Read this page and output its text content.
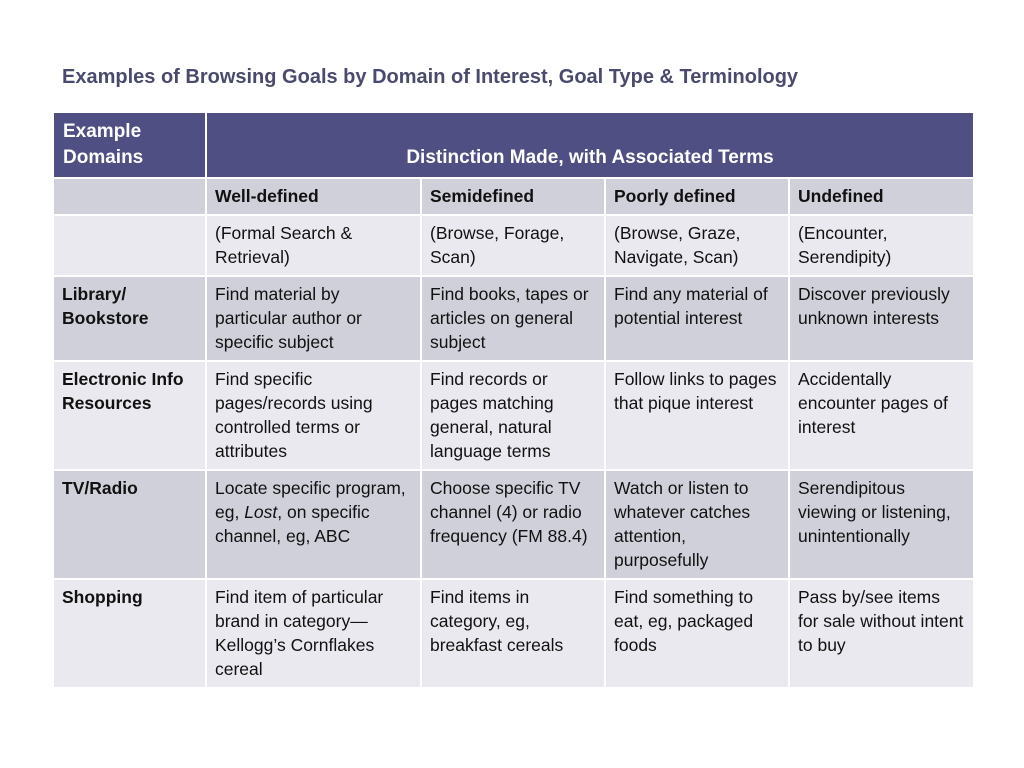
Examples of Browsing Goals by Domain of Interest, Goal Type & Terminology
Example Domains	Distinction Made, with Associated Terms			
	Well-defined	Semidefined	Poorly defined	Undefined
	(Formal Search & Retrieval)	(Browse, Forage, Scan)	(Browse, Graze, Navigate, Scan)	(Encounter, Serendipity)
Library/ Bookstore	Find material by particular author or specific subject	Find books, tapes or articles on general subject	Find any material of potential interest	Discover previously unknown interests
Electronic Info Resources	Find specific pages/records using controlled terms or attributes	Find records or pages matching general, natural language terms	Follow links to pages that pique interest	Accidentally encounter pages of interest
TV/Radio	Locate specific program, eg, Lost, on specific channel, eg, ABC	Choose specific TV channel (4) or radio frequency (FM 88.4)	Watch or listen to whatever catches attention, purposefully	Serendipitous viewing or listening, unintentionally
Shopping	Find item of particular brand in category—Kellogg’s Cornflakes cereal	Find items in category, eg, breakfast cereals	Find something to eat, eg, packaged foods	Pass by/see items for sale without intent to buy
